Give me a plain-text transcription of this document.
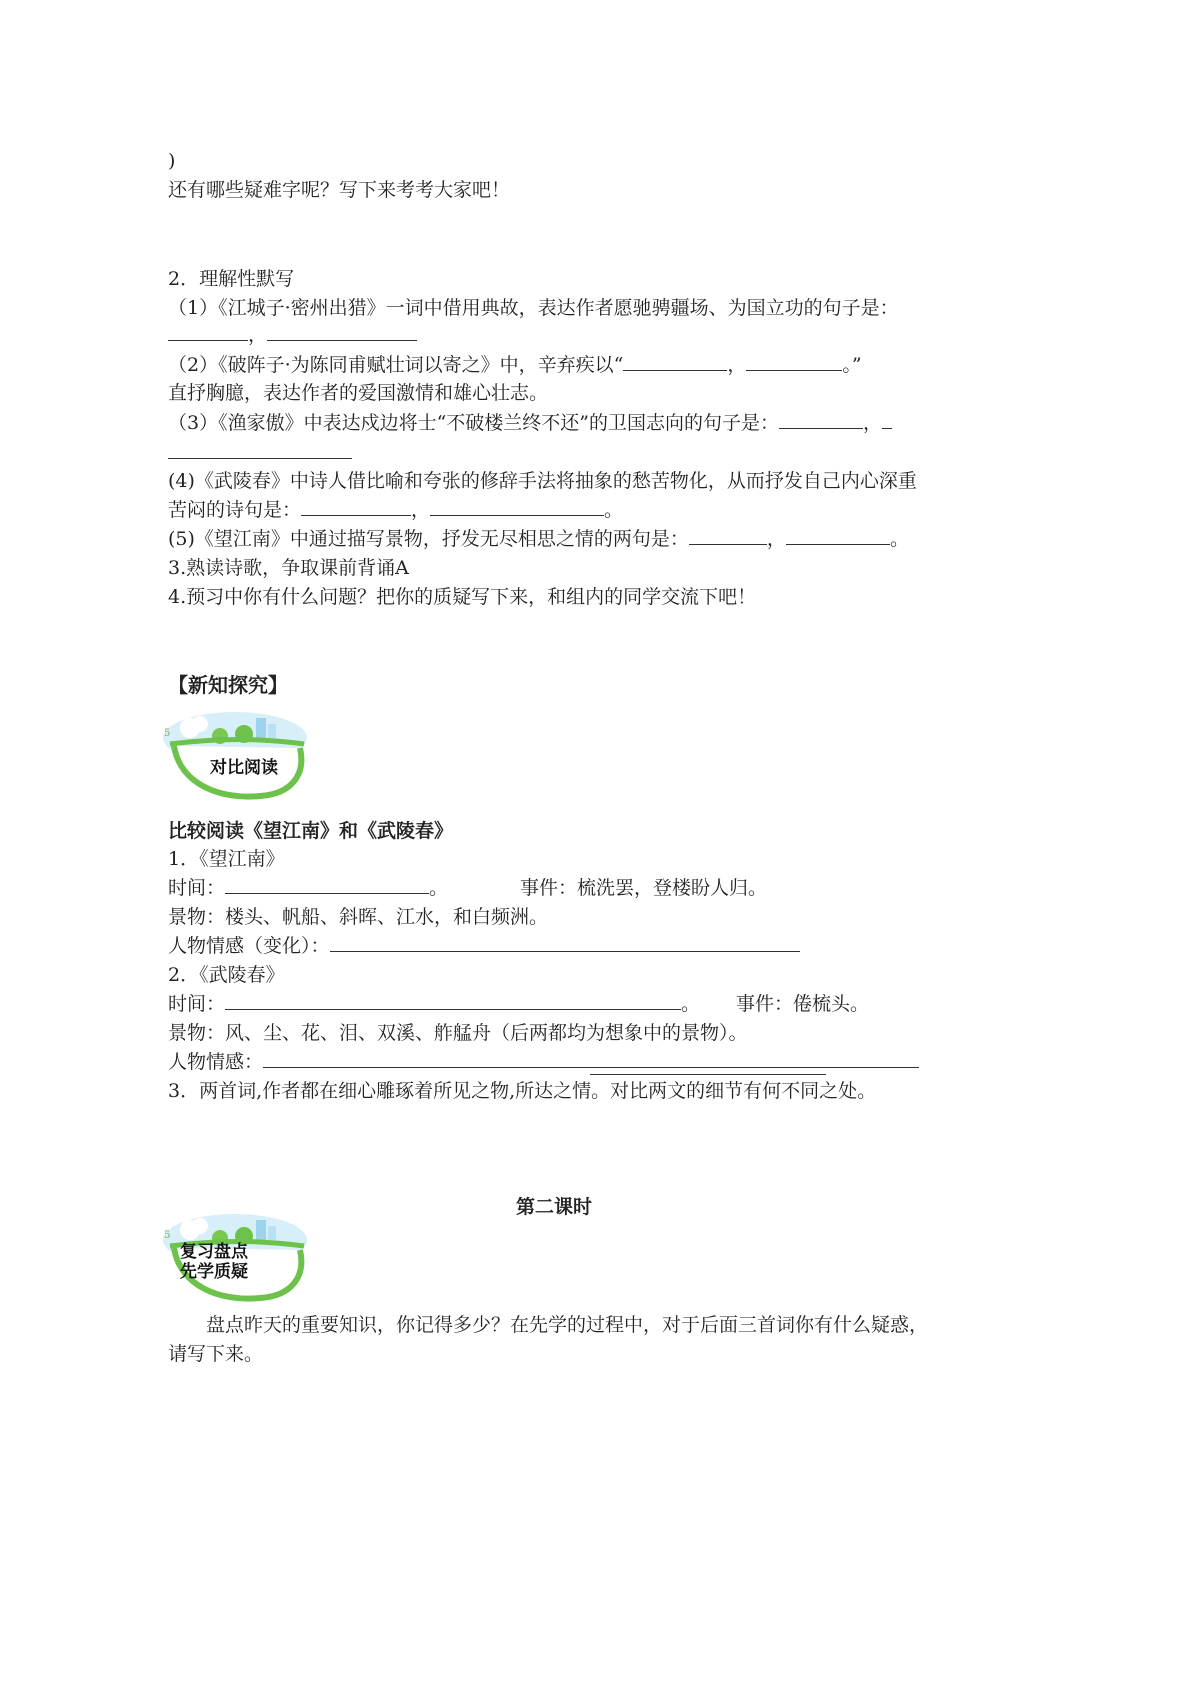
)
还有哪些疑难字呢？写下来考考大家吧！
2．理解性默写
（1）《江城子·密州出猎》一词中借用典故，表达作者愿驰骋疆场、为国立功的句子是：
，
（2）《破阵子·为陈同甫赋壮词以寄之》中，辛弃疾以“	，	。”
直抒胸臆，表达作者的爱国激情和雄心壮志。
（3）《渔家傲》中表达戍边将士“不破楼兰终不还”的卫国志向的句子是：	，
(4)《武陵春》中诗人借比喻和夸张的修辞手法将抽象的愁苦物化，从而抒发自己内心深重
苦闷的诗句是：	，	。
(5)《望江南》中通过描写景物，抒发无尽相思之情的两句是：	，	。
3.熟读诗歌，争取课前背诵A
4.预习中你有什么问题？把你的质疑写下来，和组内的同学交流下吧！
【新知探究】
5
对比阅读
比较阅读《望江南》和《武陵春》
1．《望江南》
时间：	。	事件：梳洗罢，登楼盼人归。
景物：楼头、帆船、斜晖、江水，和白频洲。
人物情感（变化）：
2．《武陵春》
时间：	。 事件：倦梳头。
景物：风、尘、花、泪、双溪、舴艋舟（后两都均为想象中的景物）。
人物情感：
3．两首词,作者都在细心雕琢着所见之物,所达之情。对比两文的细节有何不同之处。
第二课时
5
复习盘点
先学质疑
盘点昨天的重要知识，你记得多少？在先学的过程中，对于后面三首词你有什么疑惑，
请写下来。
